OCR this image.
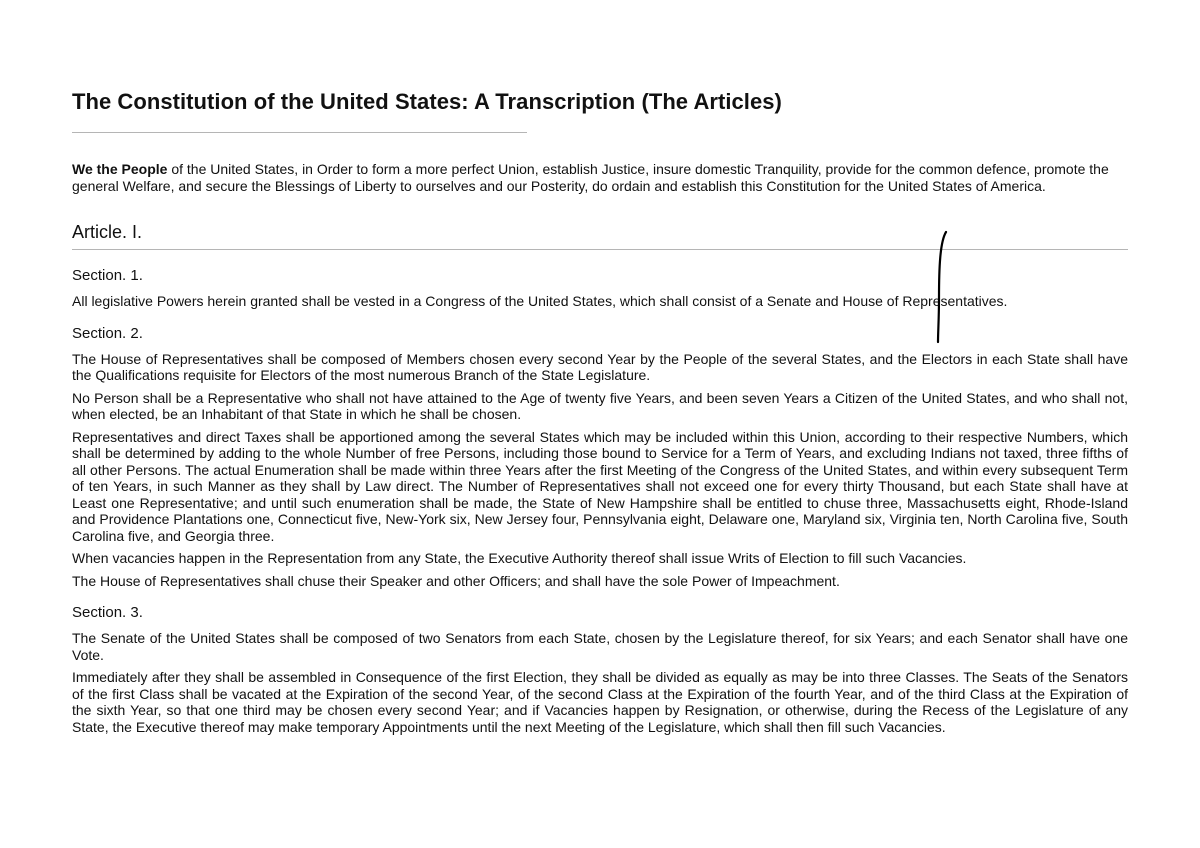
The Constitution of the United States: A Transcription (The Articles)

We the People of the United States, in Order to form a more perfect Union, establish Justice, insure domestic Tranquility, provide for the common defence, promote the general Welfare, and secure the Blessings of Liberty to ourselves and our Posterity, do ordain and establish this Constitution for the United States of America.

Article. I.
Section. 1.

All legislative Powers herein granted shall be vested in a Congress of the United States, which shall consist of a Senate and House of Representatives.

Section. 2.

The House of Representatives shall be composed of Members chosen every second Year by the People of the several States, and the Electors in each State shall have the Qualifications requisite for Electors of the most numerous Branch of the State Legislature.

No Person shall be a Representative who shall not have attained to the Age of twenty five Years, and been seven Years a Citizen of the United States, and who shall not, when elected, be an Inhabitant of that State in which he shall be chosen.

Representatives and direct Taxes shall be apportioned among the several States which may be included within this Union, according to their respective Numbers, which shall be determined by adding to the whole Number of free Persons, including those bound to Service for a Term of Years, and excluding Indians not taxed, three fifths of all other Persons. The actual Enumeration shall be made within three Years after the first Meeting of the Congress of the United States, and within every subsequent Term of ten Years, in such Manner as they shall by Law direct. The Number of Representatives shall not exceed one for every thirty Thousand, but each State shall have at Least one Representative; and until such enumeration shall be made, the State of New Hampshire shall be entitled to chuse three, Massachusetts eight, Rhode-Island and Providence Plantations one, Connecticut five, New-York six, New Jersey four, Pennsylvania eight, Delaware one, Maryland six, Virginia ten, North Carolina five, South Carolina five, and Georgia three.

When vacancies happen in the Representation from any State, the Executive Authority thereof shall issue Writs of Election to fill such Vacancies.

The House of Representatives shall chuse their Speaker and other Officers; and shall have the sole Power of Impeachment.

Section. 3.

The Senate of the United States shall be composed of two Senators from each State, chosen by the Legislature thereof, for six Years; and each Senator shall have one Vote.

Immediately after they shall be assembled in Consequence of the first Election, they shall be divided as equally as may be into three Classes. The Seats of the Senators of the first Class shall be vacated at the Expiration of the second Year, of the second Class at the Expiration of the fourth Year, and of the third Class at the Expiration of the sixth Year, so that one third may be chosen every second Year; and if Vacancies happen by Resignation, or otherwise, during the Recess of the Legislature of any State, the Executive thereof may make temporary Appointments until the next Meeting of the Legislature, which shall then fill such Vacancies.
